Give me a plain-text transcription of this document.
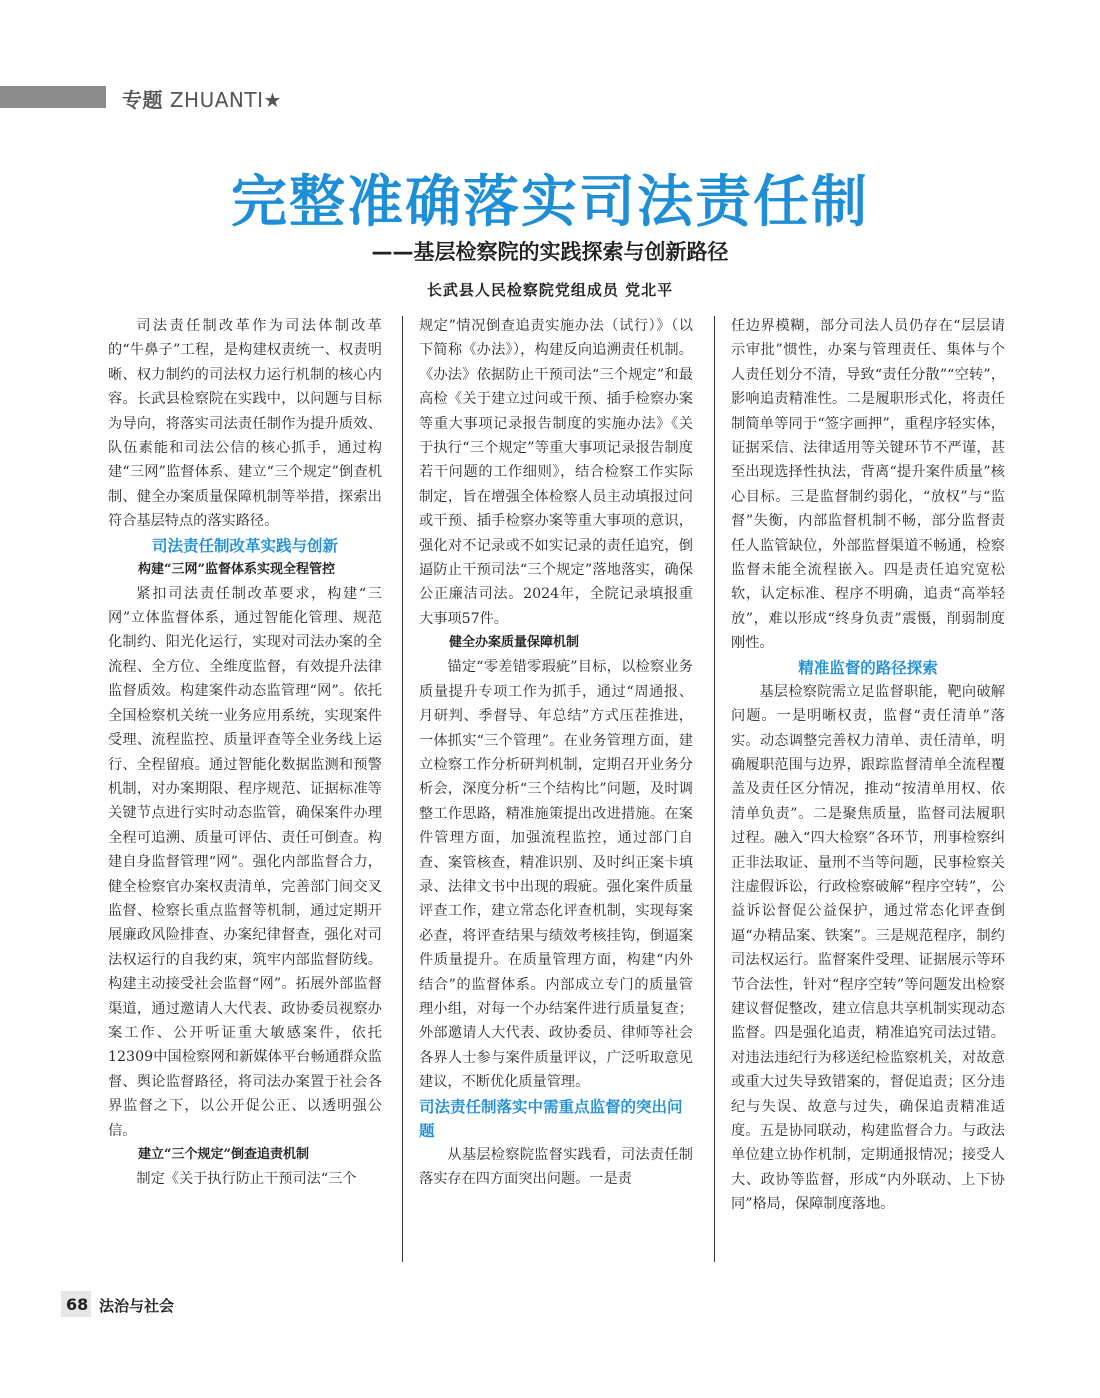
专题 ZHUANTI★
完整准确落实司法责任制
——基层检察院的实践探索与创新路径
长武县人民检察院党组成员 党北平

司法责任制改革作为司法体制改革的“牛鼻子”工程，是构建权责统一、权责明晰、权力制约的司法权力运行机制的核心内容。长武县检察院在实践中，以问题与目标为导向，将落实司法责任制作为提升质效、队伍素能和司法公信的核心抓手，通过构建“三网”监督体系、建立“三个规定”倒查机制、健全办案质量保障机制等举措，探索出符合基层特点的落实路径。

司法责任制改革实践与创新
构建“三网”监督体系实现全程管控

紧扣司法责任制改革要求，构建“三网”立体监督体系，通过智能化管理、规范化制约、阳光化运行，实现对司法办案的全流程、全方位、全维度监督，有效提升法律监督质效。构建案件动态监管理“网”。依托全国检察机关统一业务应用系统，实现案件受理、流程监控、质量评查等全业务线上运行、全程留痕。通过智能化数据监测和预警机制，对办案期限、程序规范、证据标准等关键节点进行实时动态监管，确保案件办理全程可追溯、质量可评估、责任可倒查。构建自身监督管理“网”。强化内部监督合力，健全检察官办案权责清单，完善部门间交叉监督、检察长重点监督等机制，通过定期开展廉政风险排查、办案纪律督查，强化对司法权运行的自我约束，筑牢内部监督防线。构建主动接受社会监督“网”。拓展外部监督渠道，通过邀请人大代表、政协委员视察办案工作、公开听证重大敏感案件，依托12309中国检察网和新媒体平台畅通群众监督、舆论监督路径，将司法办案置于社会各界监督之下，以公开促公正、以透明强公信。

建立“三个规定”倒查追责机制

制定《关于执行防止干预司法“三个

规定”情况倒查追责实施办法（试行）》（以下简称《办法》），构建反向追溯责任机制。《办法》依据防止干预司法“三个规定”和最高检《关于建立过问或干预、插手检察办案等重大事项记录报告制度的实施办法》《关于执行“三个规定”等重大事项记录报告制度若干问题的工作细则》，结合检察工作实际制定，旨在增强全体检察人员主动填报过问或干预、插手检察办案等重大事项的意识，强化对不记录或不如实记录的责任追究，倒逼防止干预司法“三个规定”落地落实，确保公正廉洁司法。2024年，全院记录填报重大事项57件。

健全办案质量保障机制

锚定“零差错零瑕疵”目标，以检察业务质量提升专项工作为抓手，通过“周通报、月研判、季督导、年总结”方式压茬推进，一体抓实“三个管理”。在业务管理方面，建立检察工作分析研判机制，定期召开业务分析会，深度分析“三个结构比”问题，及时调整工作思路，精准施策提出改进措施。在案件管理方面，加强流程监控，通过部门自查、案管核查，精准识别、及时纠正案卡填录、法律文书中出现的瑕疵。强化案件质量评查工作，建立常态化评查机制，实现每案必查，将评查结果与绩效考核挂钩，倒逼案件质量提升。在质量管理方面，构建“内外结合”的监督体系。内部成立专门的质量管理小组，对每一个办结案件进行质量复查；外部邀请人大代表、政协委员、律师等社会各界人士参与案件质量评议，广泛听取意见建议，不断优化质量管理。

司法责任制落实中需重点监督的突出问题

从基层检察院监督实践看，司法责任制落实存在四方面突出问题。一是责

任边界模糊，部分司法人员仍存在“层层请示审批”惯性，办案与管理责任、集体与个人责任划分不清，导致“责任分散”“空转”，影响追责精准性。二是履职形式化，将责任制简单等同于“签字画押”，重程序轻实体，证据采信、法律适用等关键环节不严谨，甚至出现选择性执法，背离“提升案件质量”核心目标。三是监督制约弱化，“放权”与“监督”失衡，内部监督机制不畅，部分监督责任人监管缺位，外部监督渠道不畅通，检察监督未能全流程嵌入。四是责任追究宽松软，认定标准、程序不明确，追责“高举轻放”，难以形成“终身负责”震慑，削弱制度刚性。

精准监督的路径探索

基层检察院需立足监督职能，靶向破解问题。一是明晰权责，监督“责任清单”落实。动态调整完善权力清单、责任清单，明确履职范围与边界，跟踪监督清单全流程覆盖及责任区分情况，推动“按清单用权、依清单负责”。二是聚焦质量，监督司法履职过程。融入“四大检察”各环节，刑事检察纠正非法取证、量刑不当等问题，民事检察关注虚假诉讼，行政检察破解“程序空转”，公益诉讼督促公益保护，通过常态化评查倒逼“办精品案、铁案”。三是规范程序，制约司法权运行。监督案件受理、证据展示等环节合法性，针对“程序空转”等问题发出检察建议督促整改，建立信息共享机制实现动态监督。四是强化追责，精准追究司法过错。对违法违纪行为移送纪检监察机关，对故意或重大过失导致错案的，督促追责；区分违纪与失误、故意与过失，确保追责精准适度。五是协同联动，构建监督合力。与政法单位建立协作机制，定期通报情况；接受人大、政协等监督，形成“内外联动、上下协同”格局，保障制度落地。

68 法治与社会
